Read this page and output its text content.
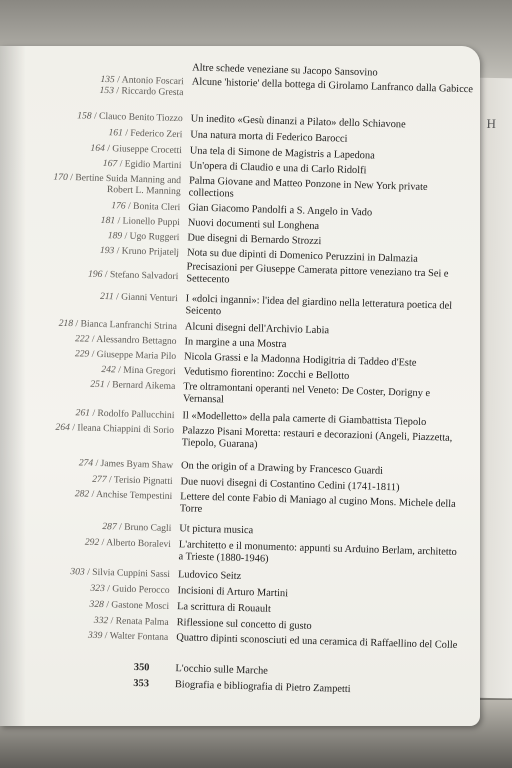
H
Altre schede veneziane su Jacopo Sansovino
135 / Antonio Foscari Alcune 'historie' della bottega di Girolamo Lanfranco dalla Gabicce
153 / Riccardo Gresta
158 / Clauco Benito Tiozzo Un inedito «Gesù dinanzi a Pilato» dello Schiavone
161 / Federico Zeri Una natura morta di Federico Barocci
164 / Giuseppe Crocetti Una tela di Simone de Magistris a Lapedona
167 / Egidio Martini Un'opera di Claudio e una di Carlo Ridolfi
170 / Bertine Suida Manning and Robert L. Manning Palma Giovane and Matteo Ponzone in New York private collections
176 / Bonita Cleri Gian Giacomo Pandolfi a S. Angelo in Vado
181 / Lionello Puppi Nuovi documenti sul Longhena
189 / Ugo Ruggeri Due disegni di Bernardo Strozzi
193 / Kruno Prijatelj Nota su due dipinti di Domenico Peruzzini in Dalmazia
196 / Stefano Salvadori Precisazioni per Giuseppe Camerata pittore veneziano tra Sei e Settecento
211 / Gianni Venturi I «dolci inganni»: l'idea del giardino nella letteratura poetica del Seicento
218 / Bianca Lanfranchi Strina Alcuni disegni dell'Archivio Labia
222 / Alessandro Bettagno In margine a una Mostra
229 / Giuseppe Maria Pilo Nicola Grassi e la Madonna Hodigitria di Taddeo d'Este
242 / Mina Gregori Vedutismo fiorentino: Zocchi e Bellotto
251 / Bernard Aikema Tre oltramontani operanti nel Veneto: De Coster, Dorigny e Vernansal
261 / Rodolfo Pallucchini Il «Modelletto» della pala camerte di Giambattista Tiepolo
264 / Ileana Chiappini di Sorio Palazzo Pisani Moretta: restauri e decorazioni (Angeli, Piazzetta, Tiepolo, Guarana)
274 / James Byam Shaw On the origin of a Drawing by Francesco Guardi
277 / Terisio Pignatti Due nuovi disegni di Costantino Cedini (1741-1811)
282 / Anchise Tempestini Lettere del conte Fabio di Maniago al cugino Mons. Michele della Torre
287 / Bruno Cagli Ut pictura musica
292 / Alberto Boralevi L'architetto e il monumento: appunti su Arduino Berlam, architetto a Trieste (1880-1946)
303 / Silvia Cuppini Sassi Ludovico Seitz
323 / Guido Perocco Incisioni di Arturo Martini
328 / Gastone Mosci La scrittura di Rouault
332 / Renata Palma Riflessione sul concetto di gusto
339 / Walter Fontana Quattro dipinti sconosciuti ed una ceramica di Raffaellino del Colle
350 L'occhio sulle Marche
353 Biografia e bibliografia di Pietro Zampetti
